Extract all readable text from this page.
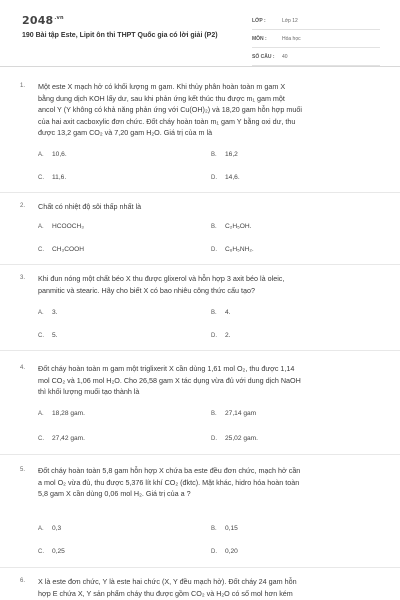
$2048^{.vn}$
190 Bài tập Este, Lipit ôn thi THPT Quốc gia có lời giải (P2)
LỚP :	Lớp 12
MÔN :	Hóa học
SỐ CÂU :	40
1. Một este X mạch hở có khối lượng m gam. Khi thủy phân hoàn toàn m gam X
bằng dung dịch KOH lấy dư, sau khi phản ứng kết thúc thu được m₁ gam một
ancol Y (Y không có khả năng phản ứng với Cu(OH)₂) và 18,20 gam hỗn hợp muối
của hai axit cacboxylic đơn chức. Đốt cháy hoàn toàn m₁ gam Y bằng oxi dư, thu
được 13,2 gam CO₂ và 7,20 gam H₂O. Giá trị của m là
A. 10,6.	B. 16,2
C. 11,6.	D. 14,6.
2. Chất có nhiệt độ sôi thấp nhất là
A. HCOOCH₃	B. C₂H₅OH.
C. CH₃COOH	D. C₆H₅NH₂.
3. Khi đun nóng một chất béo X thu được glixerol và hỗn hợp 3 axit béo là oleic,
panmitic và stearic. Hãy cho biết X có bao nhiêu công thức cấu tạo?
A. 3.	B. 4.
C. 5.	D. 2.
4. Đốt cháy hoàn toàn m gam một triglixerit X cần dùng 1,61 mol O₂, thu được 1,14
mol CO₂ và 1,06 mol H₂O. Cho 26,58 gam X tác dụng vừa đủ với dung dịch NaOH
thì khối lượng muối tạo thành là
A. 18,28 gam.	B. 27,14 gam
C. 27,42 gam.	D. 25,02 gam.
5. Đốt cháy hoàn toàn 5,8 gam hỗn hợp X chứa ba este đều đơn chức, mạch hở cần
a mol O₂ vừa đủ, thu được 5,376 lít khí CO₂ (đktc). Mặt khác, hidro hóa hoàn toàn
5,8 gam X cần dùng 0,06 mol H₂. Giá trị của a ?
A. 0,3	B. 0,15
C. 0,25	D. 0,20
6. X là este đơn chức, Y là este hai chức (X, Y đều mạch hở). Đốt cháy 24 gam hỗn
hợp E chứa X, Y sản phẩm cháy thu được gồm CO₂ và H₂O có số mol hơn kém
